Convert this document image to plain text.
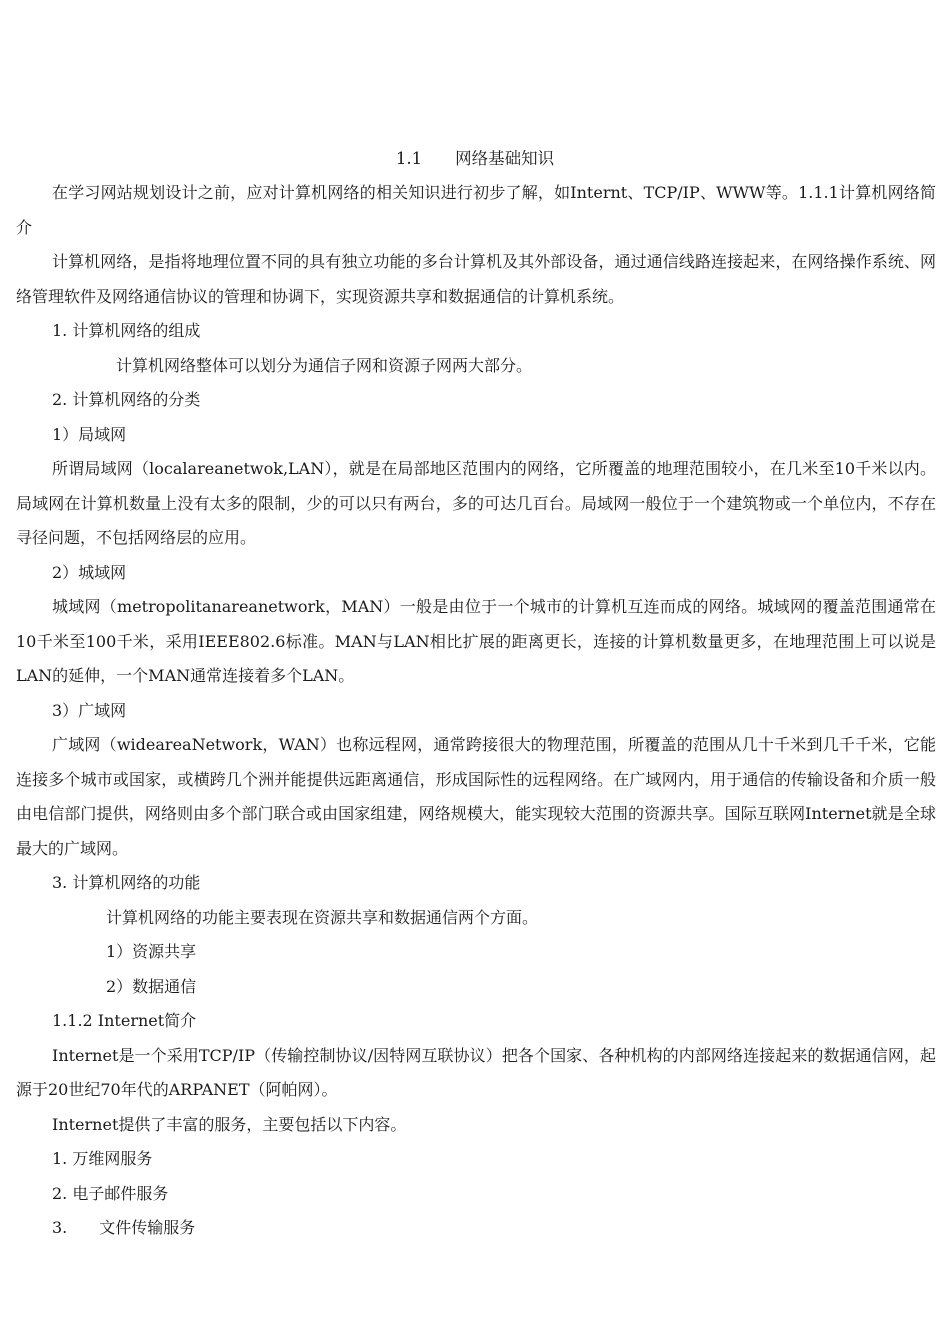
1.1　　网络基础知识

在学习网站规划设计之前，应对计算机网络的相关知识进行初步了解，如Internt、TCP/IP、WWW等。1.1.1计算机网络简介

计算机网络，是指将地理位置不同的具有独立功能的多台计算机及其外部设备，通过通信线路连接起来，在网络操作系统、网络管理软件及网络通信协议的管理和协调下，实现资源共享和数据通信的计算机系统。

1. 计算机网络的组成

计算机网络整体可以划分为通信子网和资源子网两大部分。

2. 计算机网络的分类

1）局域网

所谓局域网（localareanetwok,LAN），就是在局部地区范围内的网络，它所覆盖的地理范围较小，在几米至10千米以内。局域网在计算机数量上没有太多的限制，少的可以只有两台，多的可达几百台。局域网一般位于一个建筑物或一个单位内，不存在寻径问题，不包括网络层的应用。

2）城域网

城域网（metropolitanareanetwork，MAN）一般是由位于一个城市的计算机互连而成的网络。城域网的覆盖范围通常在10千米至100千米，采用IEEE802.6标准。MAN与LAN相比扩展的距离更长，连接的计算机数量更多，在地理范围上可以说是LAN的延伸，一个MAN通常连接着多个LAN。

3）广域网

广域网（wideareaNetwork，WAN）也称远程网，通常跨接很大的物理范围，所覆盖的范围从几十千米到几千千米，它能连接多个城市或国家，或横跨几个洲并能提供远距离通信，形成国际性的远程网络。在广域网内，用于通信的传输设备和介质一般由电信部门提供，网络则由多个部门联合或由国家组建，网络规模大，能实现较大范围的资源共享。国际互联网Internet就是全球最大的广域网。

3. 计算机网络的功能

计算机网络的功能主要表现在资源共享和数据通信两个方面。

1）资源共享

2）数据通信

1.1.2 Internet简介

Internet是一个采用TCP/IP（传输控制协议/因特网互联协议）把各个国家、各种机构的内部网络连接起来的数据通信网，起源于20世纪70年代的ARPANET（阿帕网）。

Internet提供了丰富的服务，主要包括以下内容。

1. 万维网服务

2. 电子邮件服务

3.　　文件传输服务
